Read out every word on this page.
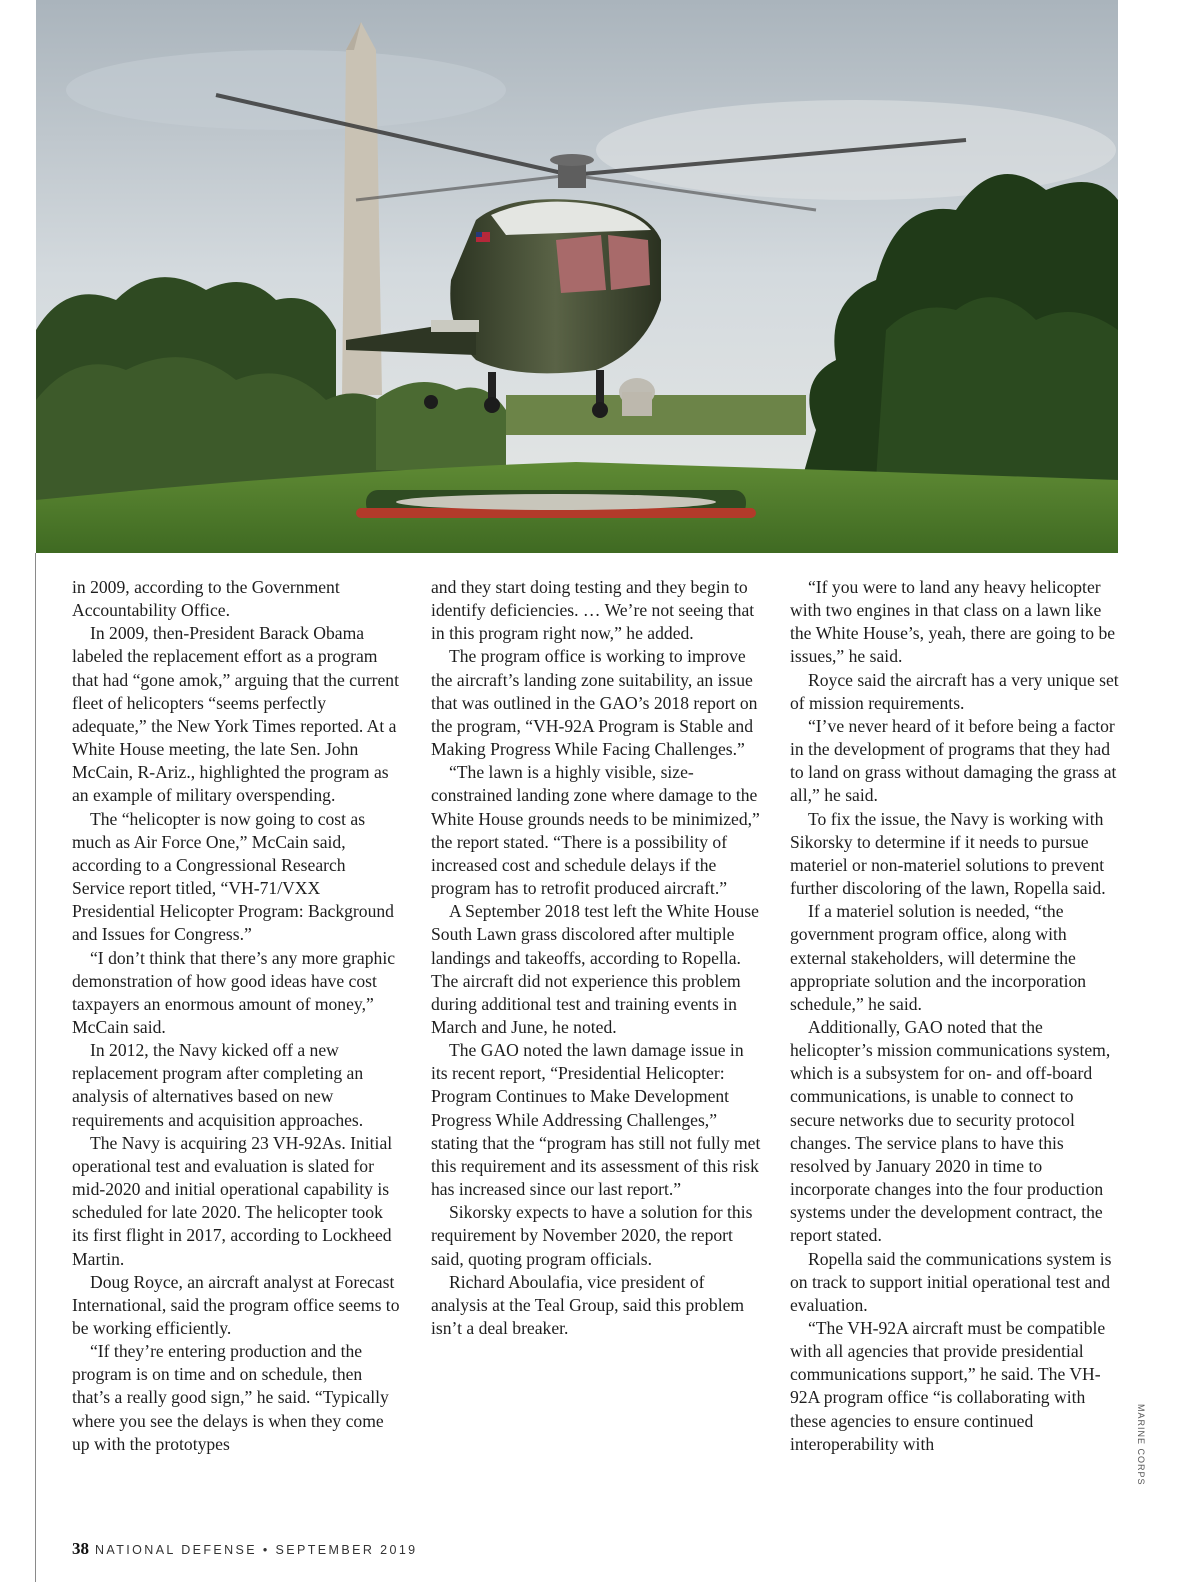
in 2009, according to the Government Accountability Office.

In 2009, then-President Barack Obama labeled the replacement effort as a program that had “gone amok,” arguing that the current fleet of helicopters “seems perfectly adequate,” the New York Times reported. At a White House meeting, the late Sen. John McCain, R-Ariz., highlighted the program as an example of military overspending.

The “helicopter is now going to cost as much as Air Force One,” McCain said, according to a Congressional Research Service report titled, “VH-71/VXX Presidential Helicopter Program: Background and Issues for Congress.”

“I don’t think that there’s any more graphic demonstration of how good ideas have cost taxpayers an enormous amount of money,” McCain said.

In 2012, the Navy kicked off a new replacement program after completing an analysis of alternatives based on new requirements and acquisition approaches.

The Navy is acquiring 23 VH-92As. Initial operational test and evaluation is slated for mid-2020 and initial operational capability is scheduled for late 2020. The helicopter took its first flight in 2017, according to Lockheed Martin.

Doug Royce, an aircraft analyst at Forecast International, said the program office seems to be working efficiently.

“If they’re entering production and the program is on time and on schedule, then that’s a really good sign,” he said. “Typically where you see the delays is when they come up with the prototypes

and they start doing testing and they begin to identify deficiencies. … We’re not seeing that in this program right now,” he added.

The program office is working to improve the aircraft’s landing zone suitability, an issue that was outlined in the GAO’s 2018 report on the program, “VH-92A Program is Stable and Making Progress While Facing Challenges.”

“The lawn is a highly visible, size-constrained landing zone where damage to the White House grounds needs to be minimized,” the report stated. “There is a possibility of increased cost and schedule delays if the program has to retrofit produced aircraft.”

A September 2018 test left the White House South Lawn grass discolored after multiple landings and takeoffs, according to Ropella. The aircraft did not experience this problem during additional test and training events in March and June, he noted.

The GAO noted the lawn damage issue in its recent report, “Presidential Helicopter: Program Continues to Make Development Progress While Addressing Challenges,” stating that the “program has still not fully met this requirement and its assessment of this risk has increased since our last report.”

Sikorsky expects to have a solution for this requirement by November 2020, the report said, quoting program officials.

Richard Aboulafia, vice president of analysis at the Teal Group, said this problem isn’t a deal breaker.

“If you were to land any heavy helicopter with two engines in that class on a lawn like the White House’s, yeah, there are going to be issues,” he said.

Royce said the aircraft has a very unique set of mission requirements.

“I’ve never heard of it before being a factor in the development of programs that they had to land on grass without damaging the grass at all,” he said.

To fix the issue, the Navy is working with Sikorsky to determine if it needs to pursue materiel or non-materiel solutions to prevent further discoloring of the lawn, Ropella said.

If a materiel solution is needed, “the government program office, along with external stakeholders, will determine the appropriate solution and the incorporation schedule,” he said.

Additionally, GAO noted that the helicopter’s mission communications system, which is a subsystem for on- and off-board communications, is unable to connect to secure networks due to security protocol changes. The service plans to have this resolved by January 2020 in time to incorporate changes into the four production systems under the development contract, the report stated.

Ropella said the communications system is on track to support initial operational test and evaluation.

“The VH-92A aircraft must be compatible with all agencies that provide presidential communications support,” he said. The VH-92A program office “is collaborating with these agencies to ensure continued interoperability with	MARINE CORPS
38 NATIONAL DEFENSE • SEPTEMBER 2019
